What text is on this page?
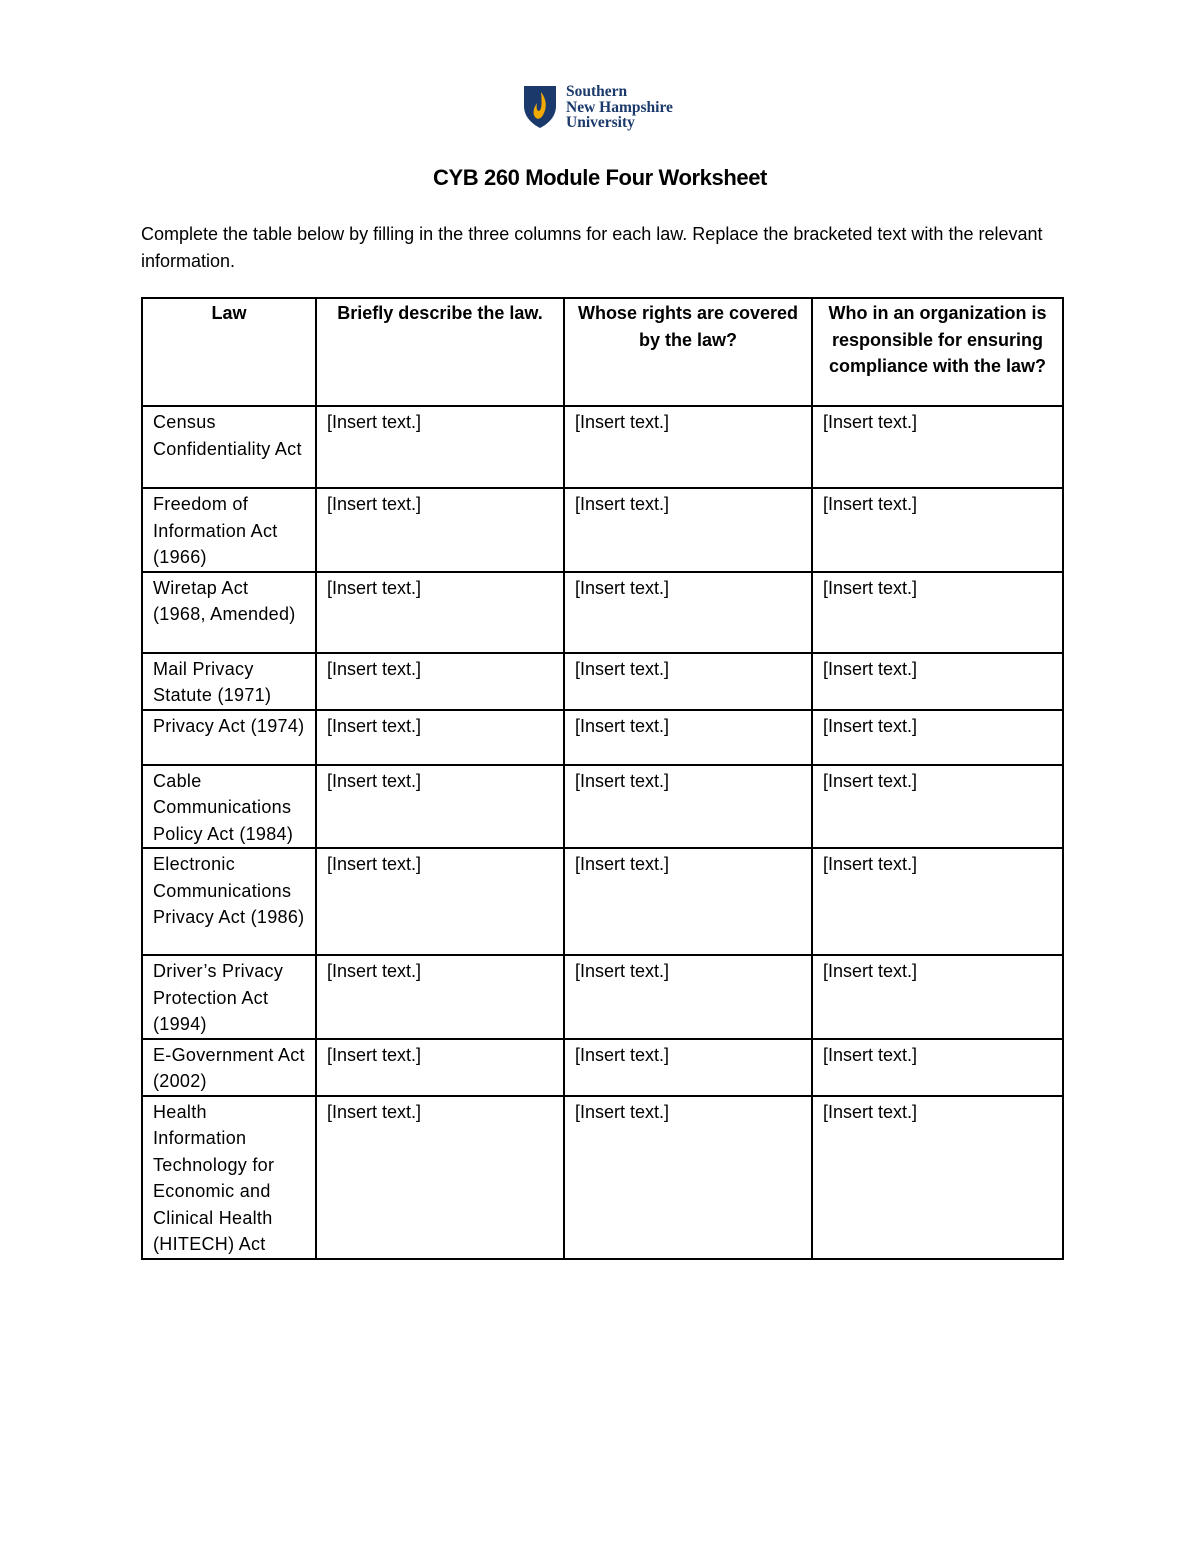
Southern
New Hampshire
University
CYB 260 Module Four Worksheet
Complete the table below by filling in the three columns for each law. Replace the bracketed text with the relevant information.
Law	Briefly describe the law.	Whose rights are covered by the law?	Who in an organization is responsible for ensuring compliance with the law?
Census Confidentiality Act	[Insert text.]	[Insert text.]	[Insert text.]
Freedom of Information Act (1966)	[Insert text.]	[Insert text.]	[Insert text.]
Wiretap Act (1968, Amended)	[Insert text.]	[Insert text.]	[Insert text.]
Mail Privacy Statute (1971)	[Insert text.]	[Insert text.]	[Insert text.]
Privacy Act (1974)	[Insert text.]	[Insert text.]	[Insert text.]
Cable Communications Policy Act (1984)	[Insert text.]	[Insert text.]	[Insert text.]
Electronic Communications Privacy Act (1986)	[Insert text.]	[Insert text.]	[Insert text.]
Driver’s Privacy Protection Act (1994)	[Insert text.]	[Insert text.]	[Insert text.]
E-Government Act (2002)	[Insert text.]	[Insert text.]	[Insert text.]
Health Information Technology for Economic and Clinical Health (HITECH) Act	[Insert text.]	[Insert text.]	[Insert text.]
